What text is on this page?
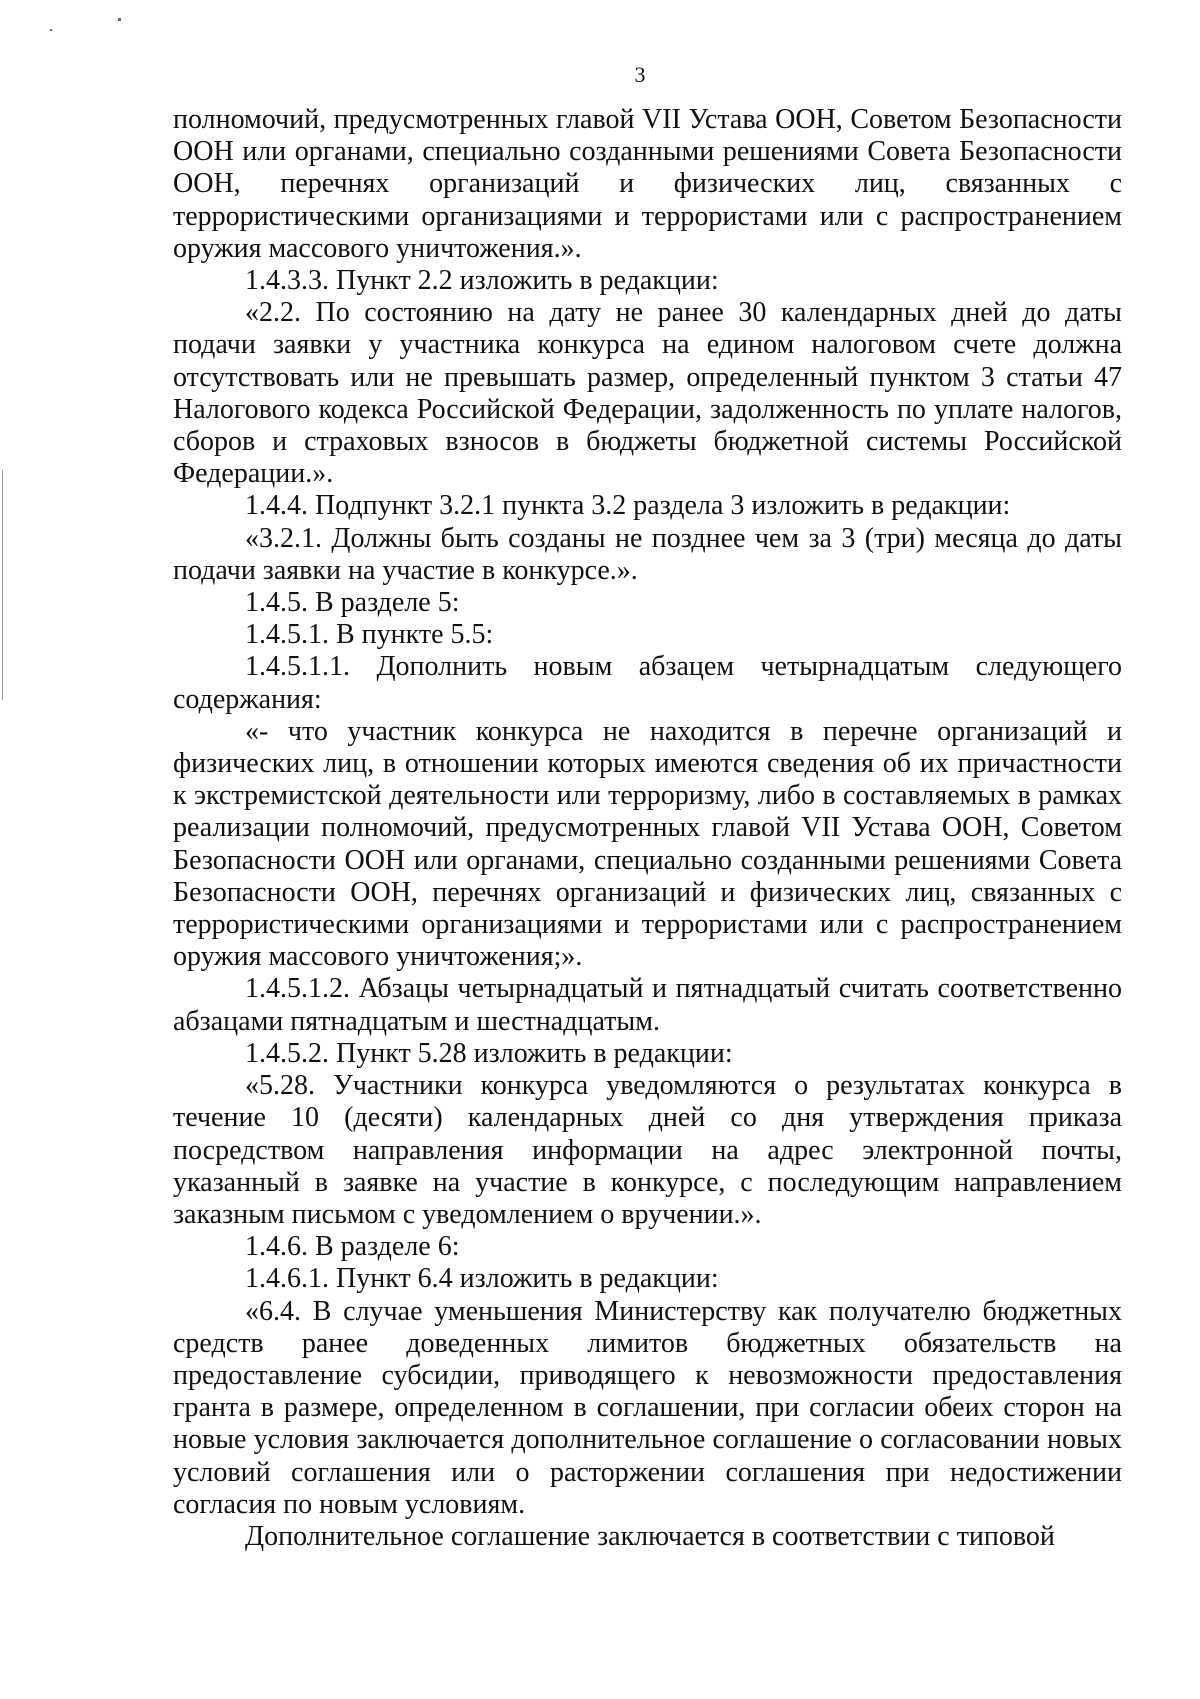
3

полномочий, предусмотренных главой VII Устава ООН, Советом Безопасности ООН или органами, специально созданными решениями Совета Безопасности ООН, перечнях организаций и физических лиц, связанных с террористическими организациями и террористами или с распространением оружия массового уничтожения.».

1.4.3.3. Пункт 2.2 изложить в редакции:

«2.2. По состоянию на дату не ранее 30 календарных дней до даты подачи заявки у участника конкурса на едином налоговом счете должна отсутствовать или не превышать размер, определенный пунктом 3 статьи 47 Налогового кодекса Российской Федерации, задолженность по уплате налогов, сборов и страховых взносов в бюджеты бюджетной системы Российской Федерации.».

1.4.4. Подпункт 3.2.1 пункта 3.2 раздела 3 изложить в редакции:

«3.2.1. Должны быть созданы не позднее чем за 3 (три) месяца до даты подачи заявки на участие в конкурсе.».

1.4.5. В разделе 5:

1.4.5.1. В пункте 5.5:

1.4.5.1.1. Дополнить новым абзацем четырнадцатым следующего содержания:

«- что участник конкурса не находится в перечне организаций и физических лиц, в отношении которых имеются сведения об их причастности к экстремистской деятельности или терроризму, либо в составляемых в рамках реализации полномочий, предусмотренных главой VII Устава ООН, Советом Безопасности ООН или органами, специально созданными решениями Совета Безопасности ООН, перечнях организаций и физических лиц, связанных с террористическими организациями и террористами или с распространением оружия массового уничтожения;».

1.4.5.1.2. Абзацы четырнадцатый и пятнадцатый считать соответственно абзацами пятнадцатым и шестнадцатым.

1.4.5.2. Пункт 5.28 изложить в редакции:

«5.28. Участники конкурса уведомляются о результатах конкурса в течение 10 (десяти) календарных дней со дня утверждения приказа посредством направления информации на адрес электронной почты, указанный в заявке на участие в конкурсе, с последующим направлением заказным письмом с уведомлением о вручении.».

1.4.6. В разделе 6:

1.4.6.1. Пункт 6.4 изложить в редакции:

«6.4. В случае уменьшения Министерству как получателю бюджетных средств ранее доведенных лимитов бюджетных обязательств на предоставление субсидии, приводящего к невозможности предоставления гранта в размере, определенном в соглашении, при согласии обеих сторон на новые условия заключается дополнительное соглашение о согласовании новых условий соглашения или о расторжении соглашения при недостижении согласия по новым условиям.

Дополнительное соглашение заключается в соответствии с типовой
